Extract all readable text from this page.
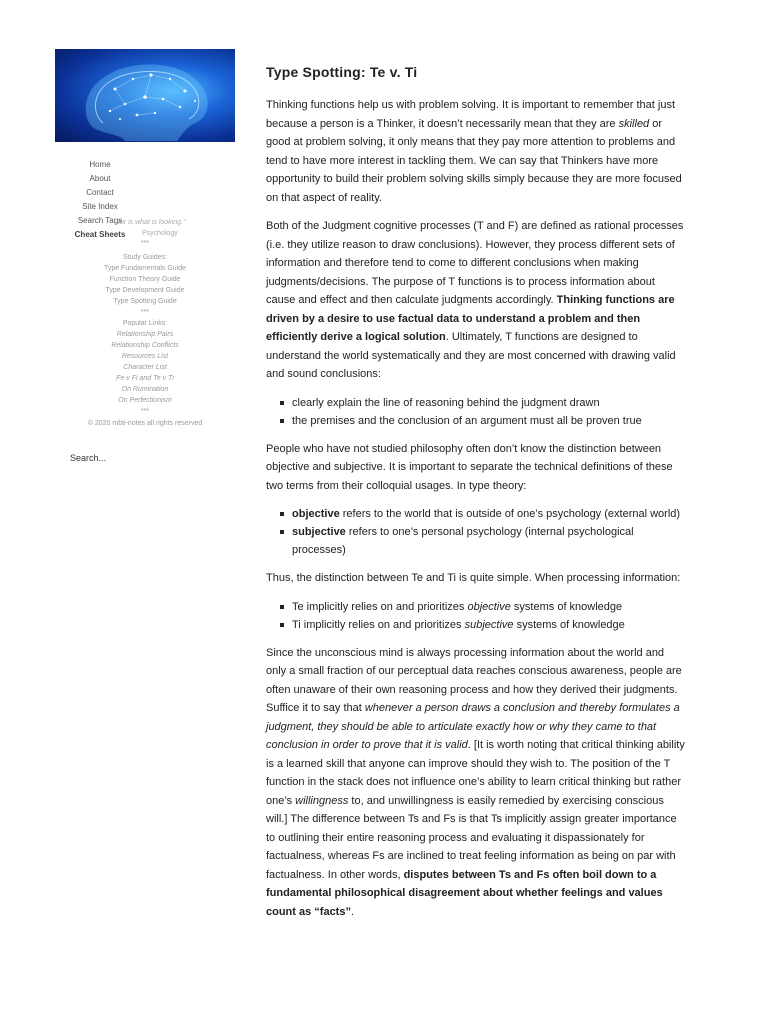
for is what is looking."
Psychology
Home
About
Contact
Site Index
Search Tags
Cheat Sheets
***
Study Guides:
Type Fundamentals Guide
Function Theory Guide
Type Development Guide
Type Spotting Guide
***
Popular Links:
Relationship Pairs
Relationship Conflicts
Resources List
Character List
Fe v Fi and Te v Ti
On Rumination
On Perfectionism
***
© 2020 mbti-notes all rights reserved
Search...
Type Spotting: Te v. Ti

Thinking functions help us with problem solving. It is important to remember that just because a person is a Thinker, it doesn’t necessarily mean that they are skilled or good at problem solving, it only means that they pay more attention to problems and tend to have more interest in tackling them. We can say that Thinkers have more opportunity to build their problem solving skills simply because they are more focused on that aspect of reality.

Both of the Judgment cognitive processes (T and F) are defined as rational processes (i.e. they utilize reason to draw conclusions). However, they process different sets of information and therefore tend to come to different conclusions when making judgments/decisions. The purpose of T functions is to process information about cause and effect and then calculate judgments accordingly. Thinking functions are driven by a desire to use factual data to understand a problem and then efficiently derive a logical solution. Ultimately, T functions are designed to understand the world systematically and they are most concerned with drawing valid and sound conclusions:

clearly explain the line of reasoning behind the judgment drawn
the premises and the conclusion of an argument must all be proven true

People who have not studied philosophy often don’t know the distinction between objective and subjective. It is important to separate the technical definitions of these two terms from their colloquial usages. In type theory:

objective refers to the world that is outside of one’s psychology (external world)
subjective refers to one’s personal psychology (internal psychological processes)

Thus, the distinction between Te and Ti is quite simple. When processing information:

Te implicitly relies on and prioritizes objective systems of knowledge
Ti implicitly relies on and prioritizes subjective systems of knowledge

Since the unconscious mind is always processing information about the world and only a small fraction of our perceptual data reaches conscious awareness, people are often unaware of their own reasoning process and how they derived their judgments. Suffice it to say that whenever a person draws a conclusion and thereby formulates a judgment, they should be able to articulate exactly how or why they came to that conclusion in order to prove that it is valid. [It is worth noting that critical thinking ability is a learned skill that anyone can improve should they wish to. The position of the T function in the stack does not influence one’s ability to learn critical thinking but rather one’s willingness to, and unwillingness is easily remedied by exercising conscious will.] The difference between Ts and Fs is that Ts implicitly assign greater importance to outlining their entire reasoning process and evaluating it dispassionately for factualness, whereas Fs are inclined to treat feeling information as being on par with factualness. In other words, disputes between Ts and Fs often boil down to a fundamental philosophical disagreement about whether feelings and values count as “facts”.
